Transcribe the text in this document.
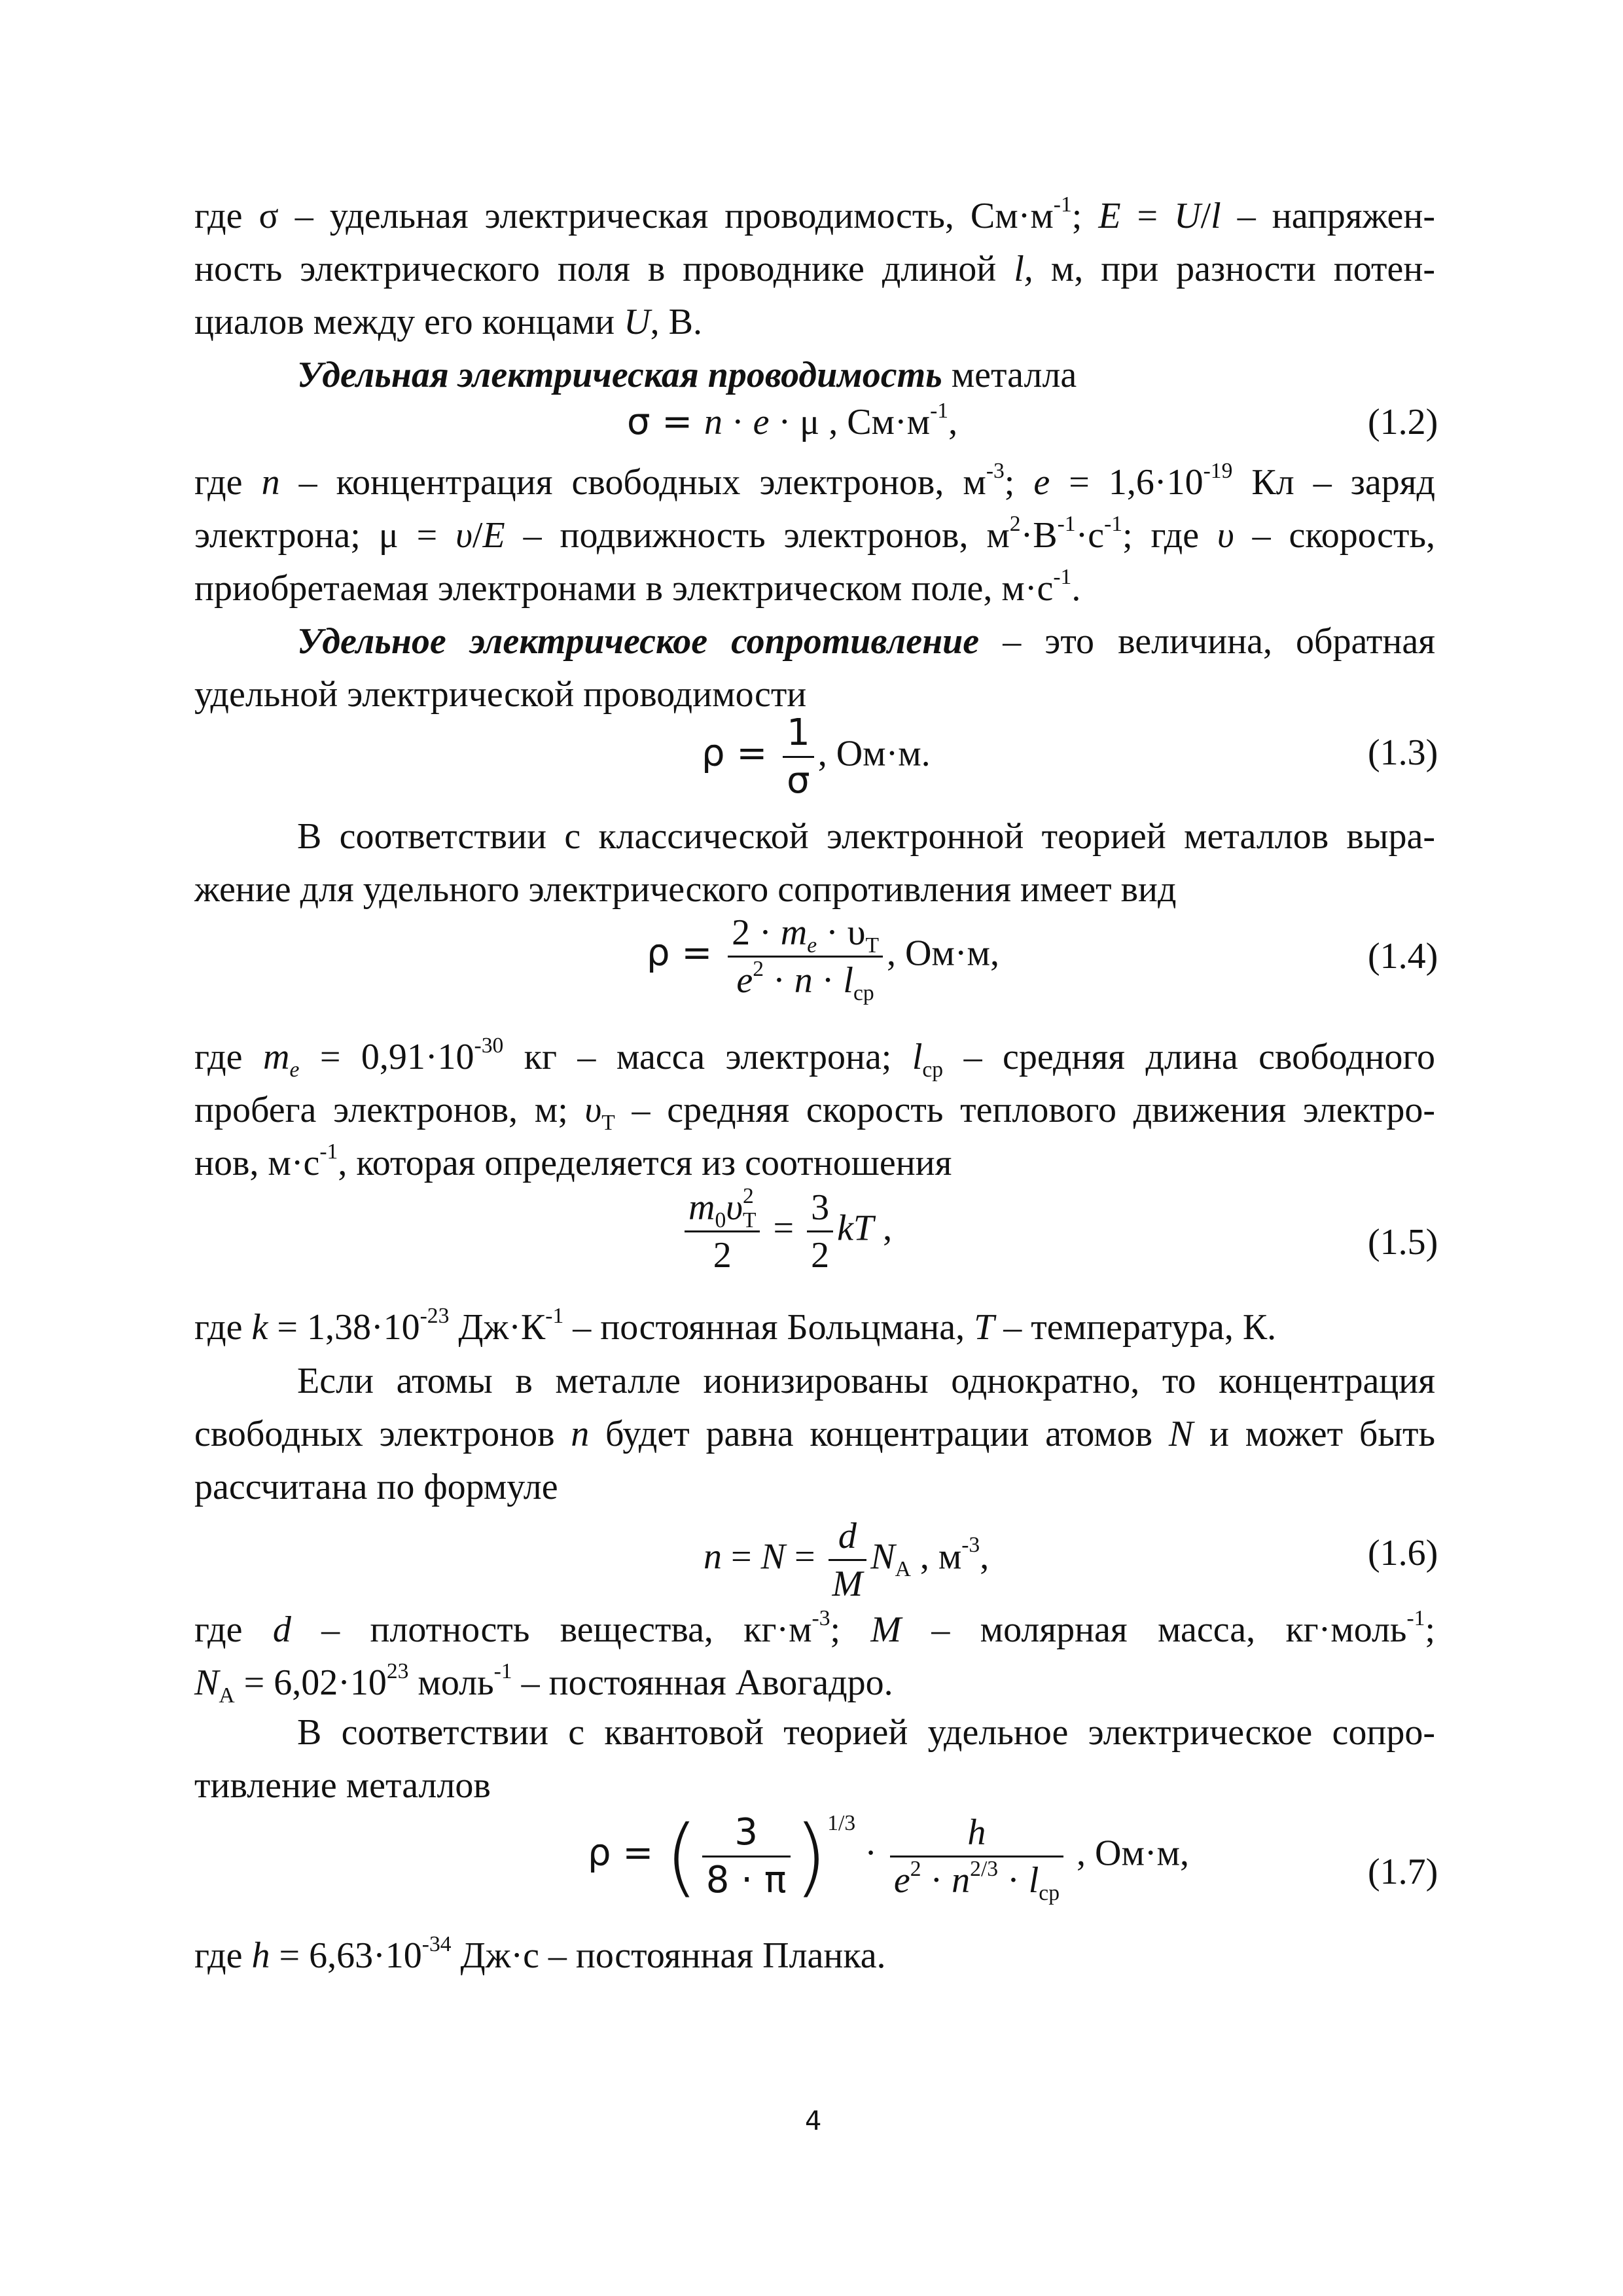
где σ – удельная электрическая проводимость, $См\cdot м^{-1}$; E = U/l – напряжен-
ность электрического поля в проводнике длиной l, м, при разности потен-
циалов между его концами U, В.
Удельная электрическая проводимость металла
σ = n · e · μ , $См\cdot м^{-1}$,	(1.2)
где n – концентрация свободных электронов, $м^{-3}$; $e = 1,6\cdot 10^{-19}$ Кл – заряд
электрона; μ = υ/E – подвижность электронов, $м^2\cdot В^{-1}\cdot с^{-1}$; где υ – скорость,
приобретаемая электронами в электрическом поле, $м\cdot с^{-1}$.
Удельное электрическое сопротивление – это величина, обратная
удельной электрической проводимости
$\rho = \frac{1}{\sigma}$ , Ом·м.	(1.3)
В соответствии с классической электронной теорией металлов выра-
жение для удельного электрического сопротивления имеет вид
$\rho = \frac{2 \cdot m_e \cdot \upsilon_T}{e^2 \cdot n \cdot l_{ср}}$ , Ом·м,	(1.4)
где $m_e = 0,91\cdot 10^{-30}$ кг – масса электрона; $l_{ср}$ – средняя длина свободного
пробега электронов, м; $\upsilon_Т$ – средняя скорость теплового движения электро-
нов, $м\cdot с^{-1}$, которая определяется из соотношения
$\frac{m_0\upsilon^2_T}{2} = \frac{3}{2}$ kT ,	(1.5)
где $k = 1,38\cdot 10^{-23}$ $Дж\cdot К^{-1}$ – постоянная Больцмана, T – температура, К.
Если атомы в металле ионизированы однократно, то концентрация
свободных электронов n будет равна концентрации атомов N и может быть
рассчитана по формуле
$n = N = \frac{d}{M} N_A$ , $м^{-3}$,	(1.6)
где d – плотность вещества, $кг\cdot м^{-3}$; M – молярная масса, кг·моль$^{-1}$;
$N_A = 6,02\cdot 10^{23}$ моль$^{-1}$ – постоянная Авогадро.
В соответствии с квантовой теорией удельное электрическое сопро-
тивление металлов
ρ = ( $\frac{3}{8 \cdot \pi} )^{1/3} \cdot \frac{h}{e^2 \cdot n^{2/3} \cdot l_{ср}}$ , Ом·м,	(1.7)
где $h = 6,63\cdot 10^{-34}$ Дж·с – постоянная Планка.
4
